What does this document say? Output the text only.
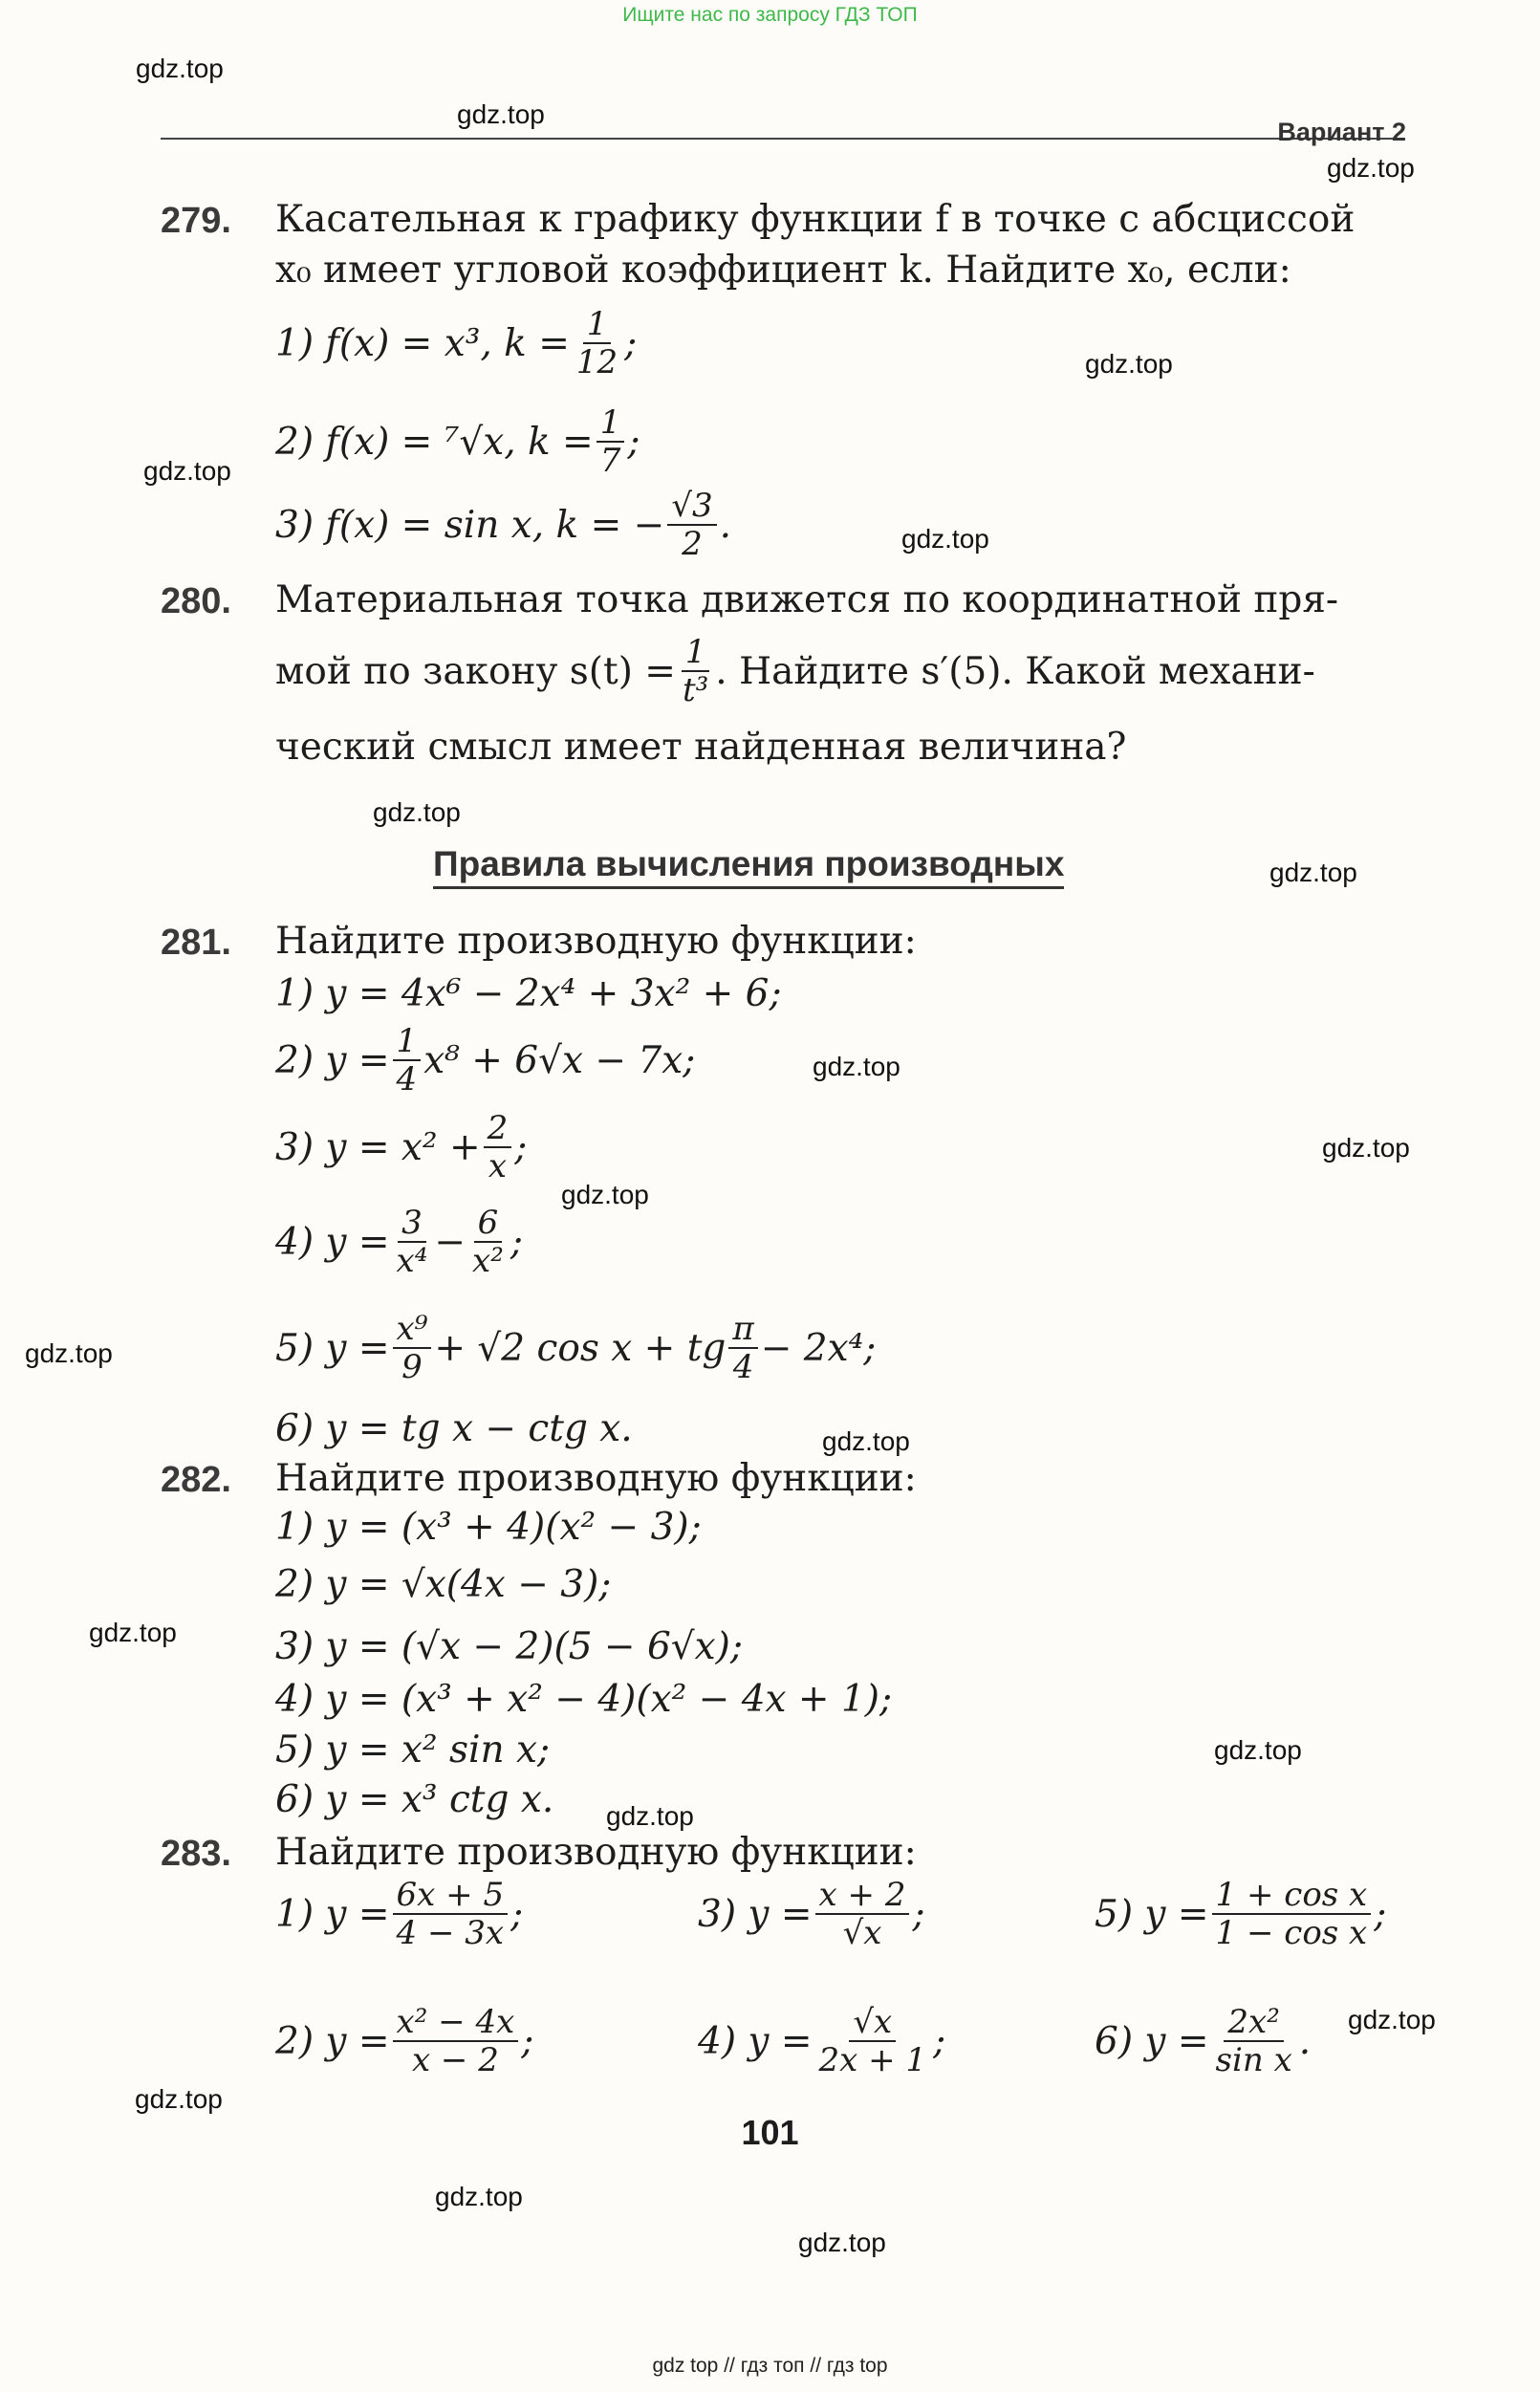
Ищите нас по запросу ГДЗ ТОП
Вариант 2
gdz.top
gdz.top
gdz.top
gdz.top
gdz.top
gdz.top
gdz.top
gdz.top
gdz.top
gdz.top
gdz.top
gdz.top
gdz.top
gdz.top
gdz.top
gdz.top
gdz.top
gdz.top
gdz.top
gdz.top
279. Касательная к графику функции f в точке с абсциссой
x₀ имеет угловой коэффициент k. Найдите x₀, если:
1) f(x) = x³, $k = \frac{1}{12}$ ;
2) f(x) = ⁷√x, $k = \frac{1}{7}$ ;
3) f(x) = sin x, k = − $\frac{√3}{2}$ .
280. Материальная точка движется по координатной пря-
мой по закону $s(t) = \frac{1}{\text{t³}}$ . Найдите s′(5). Какой механи-
ческий смысл имеет найденная величина?
Правила вычисления производных
281. Найдите производную функции:
1) y = 4x⁶ − 2x⁴ + 3x² + 6;
2) $y = \frac{1}{4} x^8 + 6√x - 7x$;
3) $y = x^2 + \frac{2}{x}$ ;
4) $y = \frac{3}{\text{x⁴}} - \frac{6}{\text{x²}}$ ;
5) $y = \frac{\text{x⁹}}{9} + √2$ cos x + tg $\frac{\pi}{4} - 2x^4$;
6) y = tg x − ctg x.
282. Найдите производную функции:
1) y = (x³ + 4)(x² − 3);
2) y = √x(4x − 3);
3) y = (√x − 2)(5 − 6√x);
4) y = (x³ + x² − 4)(x² − 4x + 1);
5) y = x² sin x;
6) y = x³ ctg x.
283. Найдите производную функции:
1) $y = \frac{6x + 5}{4 - 3x}$ ;	3) $y = \frac{x + 2}{√x}$ ;	5) $y = \frac{\text{1 + cos x}}{\text{1 − cos x}}$ ;
2) $y = \frac{\text{x² − 4x}}{x - 2}$ ;	4) $y = \frac{√x}{2x + 1}$ ;	6) $y = \frac{\text{2x²}}{\text{sin x}}$ .
101
gdz top // гдз топ // гдз top
